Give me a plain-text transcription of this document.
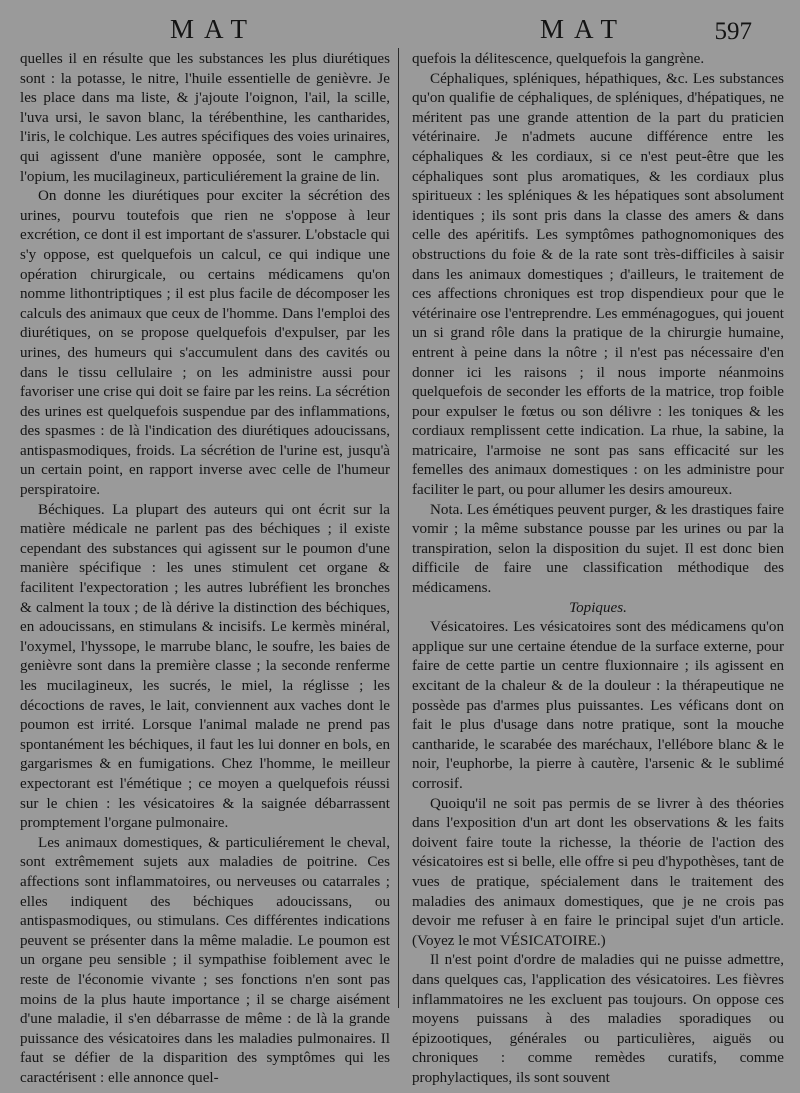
MAT	MAT	597

quelles il en résulte que les substances les plus diurétiques sont : la potasse, le nitre, l'huile essentielle de genièvre. Je les place dans ma liste, & j'ajoute l'oignon, l'ail, la scille, l'uva ursi, le savon blanc, la térébenthine, les cantharides, l'iris, le colchique. Les autres spécifiques des voies urinaires, qui agissent d'une manière opposée, sont le camphre, l'opium, les mucilagineux, particuliérement la graine de lin.

On donne les diurétiques pour exciter la sécrétion des urines, pourvu toutefois que rien ne s'oppose à leur excrétion, ce dont il est important de s'assurer. L'obstacle qui s'y oppose, est quelquefois un calcul, ce qui indique une opération chirurgicale, ou certains médicamens qu'on nomme lithontriptiques ; il est plus facile de décomposer les calculs des animaux que ceux de l'homme. Dans l'emploi des diurétiques, on se propose quelquefois d'expulser, par les urines, des humeurs qui s'accumulent dans des cavités ou dans le tissu cellulaire ; on les administre aussi pour favoriser une crise qui doit se faire par les reins. La sécrétion des urines est quelquefois suspendue par des inflammations, des spasmes : de là l'indication des diurétiques adoucissans, antispasmodiques, froids. La sécrétion de l'urine est, jusqu'à un certain point, en rapport inverse avec celle de l'humeur perspiratoire.

Béchiques. La plupart des auteurs qui ont écrit sur la matière médicale ne parlent pas des béchiques ; il existe cependant des substances qui agissent sur le poumon d'une manière spécifique : les unes stimulent cet organe & facilitent l'expectoration ; les autres lubréfient les bronches & calment la toux ; de là dérive la distinction des béchiques, en adoucissans, en stimulans & incisifs. Le kermès minéral, l'oxymel, l'hyssope, le marrube blanc, le soufre, les baies de genièvre sont dans la première classe ; la seconde renferme les mucilagineux, les sucrés, le miel, la réglisse ; les décoctions de raves, le lait, conviennent aux vaches dont le poumon est irrité. Lorsque l'animal malade ne prend pas spontanément les béchiques, il faut les lui donner en bols, en gargarismes & en fumigations. Chez l'homme, le meilleur expectorant est l'émétique ; ce moyen a quelquefois réussi sur le chien : les vésicatoires & la saignée débarrassent promptement l'organe pulmonaire.

Les animaux domestiques, & particuliérement le cheval, sont extrêmement sujets aux maladies de poitrine. Ces affections sont inflammatoires, ou nerveuses ou catarrales ; elles indiquent des béchiques adoucissans, ou antispasmodiques, ou stimulans. Ces différentes indications peuvent se présenter dans la même maladie. Le poumon est un organe peu sensible ; il sympathise foiblement avec le reste de l'économie vivante ; ses fonctions n'en sont pas moins de la plus haute importance ; il se charge aisément d'une maladie, il s'en débarrasse de même : de là la grande puissance des vésicatoires dans les maladies pulmonaires. Il faut se défier de la disparition des symptômes qui les caractérisent : elle annonce quel-

quefois la délitescence, quelquefois la gangrène.

Céphaliques, spléniques, hépathiques, &c. Les substances qu'on qualifie de céphaliques, de spléniques, d'hépatiques, ne méritent pas une grande attention de la part du praticien vétérinaire. Je n'admets aucune différence entre les céphaliques & les cordiaux, si ce n'est peut-être que les céphaliques sont plus aromatiques, & les cordiaux plus spiritueux : les spléniques & les hépatiques sont absolument identiques ; ils sont pris dans la classe des amers & dans celle des apéritifs. Les symptômes pathognomoniques des obstructions du foie & de la rate sont très-difficiles à saisir dans les animaux domestiques ; d'ailleurs, le traitement de ces affections chroniques est trop dispendieux pour que le vétérinaire ose l'entreprendre. Les emménagogues, qui jouent un si grand rôle dans la pratique de la chirurgie humaine, entrent à peine dans la nôtre ; il n'est pas nécessaire d'en donner ici les raisons ; il nous importe néanmoins quelquefois de seconder les efforts de la matrice, trop foible pour expulser le fœtus ou son délivre : les toniques & les cordiaux remplissent cette indication. La rhue, la sabine, la matricaire, l'armoise ne sont pas sans efficacité sur les femelles des animaux domestiques : on les administre pour faciliter le part, ou pour allumer les desirs amoureux.

Nota. Les émétiques peuvent purger, & les drastiques faire vomir ; la même substance pousse par les urines ou par la transpiration, selon la disposition du sujet. Il est donc bien difficile de faire une classification méthodique des médicamens.

Topiques.

Vésicatoires. Les vésicatoires sont des médicamens qu'on applique sur une certaine étendue de la surface externe, pour faire de cette partie un centre fluxionnaire ; ils agissent en excitant de la chaleur & de la douleur : la thérapeutique ne possède pas d'armes plus puissantes. Les véficans dont on fait le plus d'usage dans notre pratique, sont la mouche cantharide, le scarabée des maréchaux, l'ellébore blanc & le noir, l'euphorbe, la pierre à cautère, l'arsenic & le sublimé corrosif.

Quoiqu'il ne soit pas permis de se livrer à des théories dans l'exposition d'un art dont les observations & les faits doivent faire toute la richesse, la théorie de l'action des vésicatoires est si belle, elle offre si peu d'hypothèses, tant de vues de pratique, spécialement dans le traitement des maladies des animaux domestiques, que je ne crois pas devoir me refuser à en faire le principal sujet d'un article. (Voyez le mot VÉSICATOIRE.)

Il n'est point d'ordre de maladies qui ne puisse admettre, dans quelques cas, l'application des vésicatoires. Les fièvres inflammatoires ne les excluent pas toujours. On oppose ces moyens puissans à des maladies sporadiques ou épizootiques, générales ou particulières, aiguës ou chroniques : comme remèdes curatifs, comme prophylactiques, ils sont souvent
